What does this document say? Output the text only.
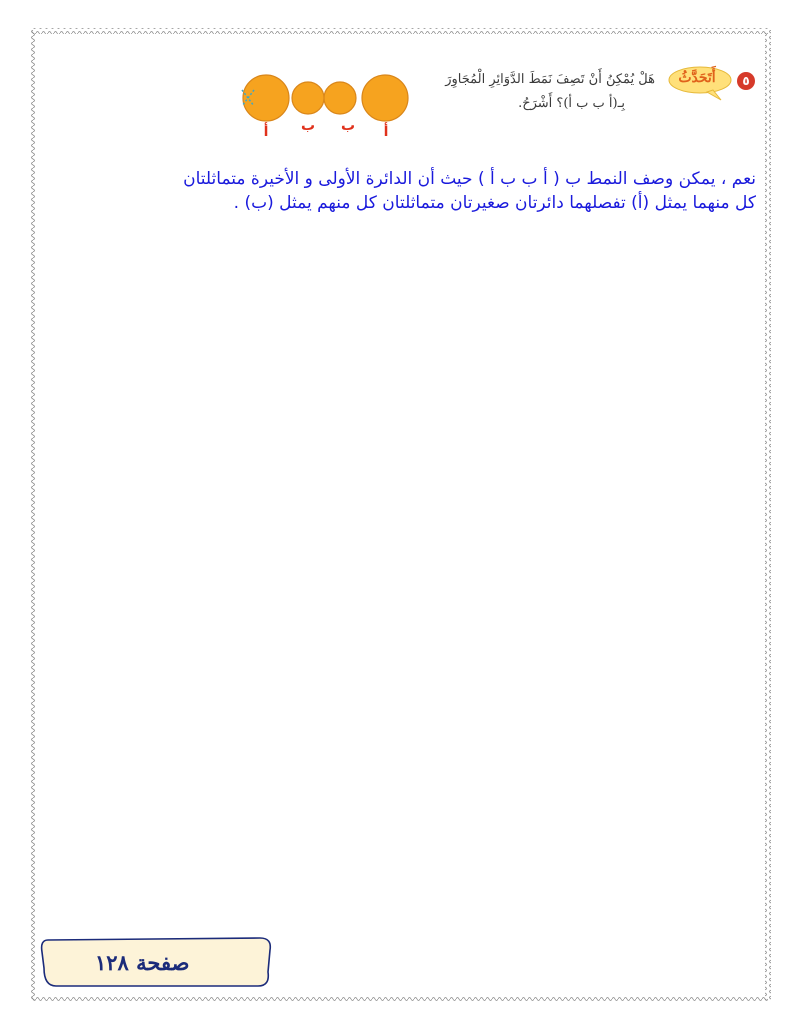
٥
أَتَحَدَّثُ
هَلْ يُمْكِنُ أَنْ تَصِفَ نَمَطَ الدَّوَائِرِ الْمُجَاوِرَ
بِـ(أ ب ب أ)؟ أَشْرَحُ.
أ ب ب أ
نعم ، يمكن وصف النمط ب ( أ ب ب أ ) حيث أن الدائرة الأولى و الأخيرة متماثلتان
كل منهما يمثل (أ) تفصلهما دائرتان صغيرتان متماثلتان كل منهم يمثل (ب) .
صفحة ١٢٨
